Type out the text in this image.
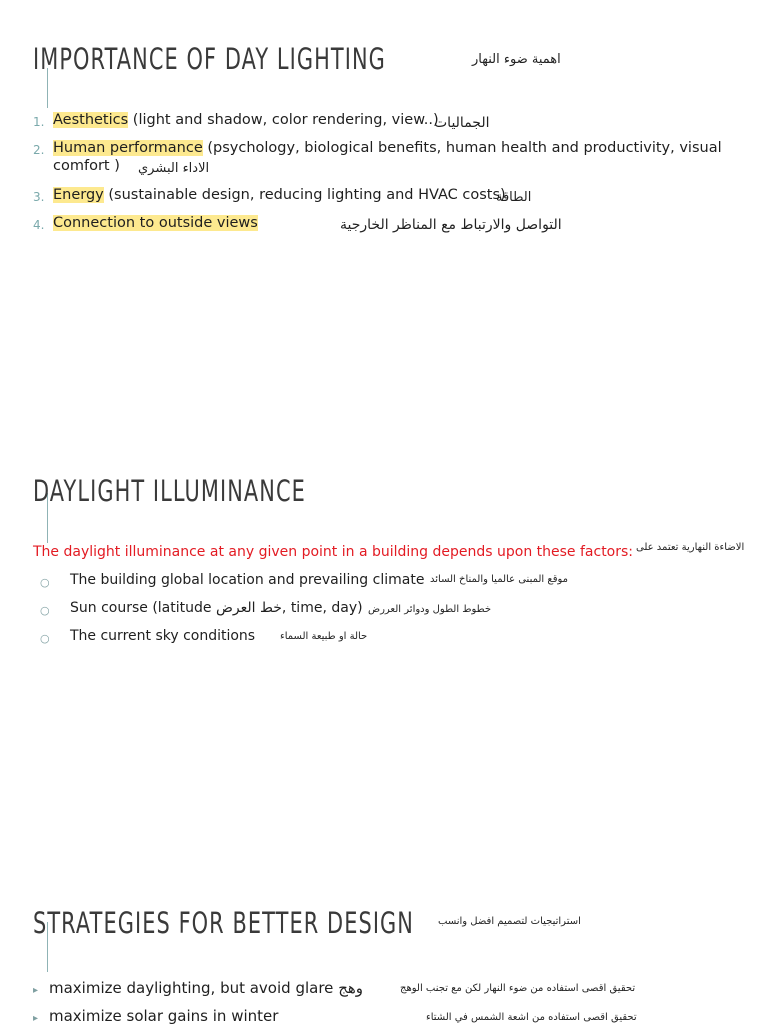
IMPORTANCE OF DAY LIGHTING	اهمية ضوء النهار
1. Aesthetics (light and shadow, color rendering, view..)
الجماليات
2. Human performance (psychology, biological benefits, human health and productivity, visual
comfort ) الاداء البشري
3. Energy (sustainable design, reducing lighting and HVAC costs)
الطاقة
4. Connection to outside views	التواصل والارتباط مع المناظر الخارجية
DAYLIGHT ILLUMINANCE
The daylight illuminance at any given point in a building depends upon these factors: الاضاءة النهارية تعتمد على
○ The building global location and prevailing climate موقع المبنى عالميا والمناخ السائد
○ Sun course (latitude خط العرض, time, day) خطوط الطول ودوائر العررض
○ The current sky conditions حالة او طبيعة السماء
STRATEGIES FOR BETTER DESIGN استراتيجيات لتصميم افضل وانسب
▸ maximize daylighting, but avoid glare وهج	تحقيق اقصى استفاده من ضوء النهار لكن مع تجنب الوهج
▸ maximize solar gains in winter	تحقيق اقصى استفاده من اشعة الشمس في الشتاء
